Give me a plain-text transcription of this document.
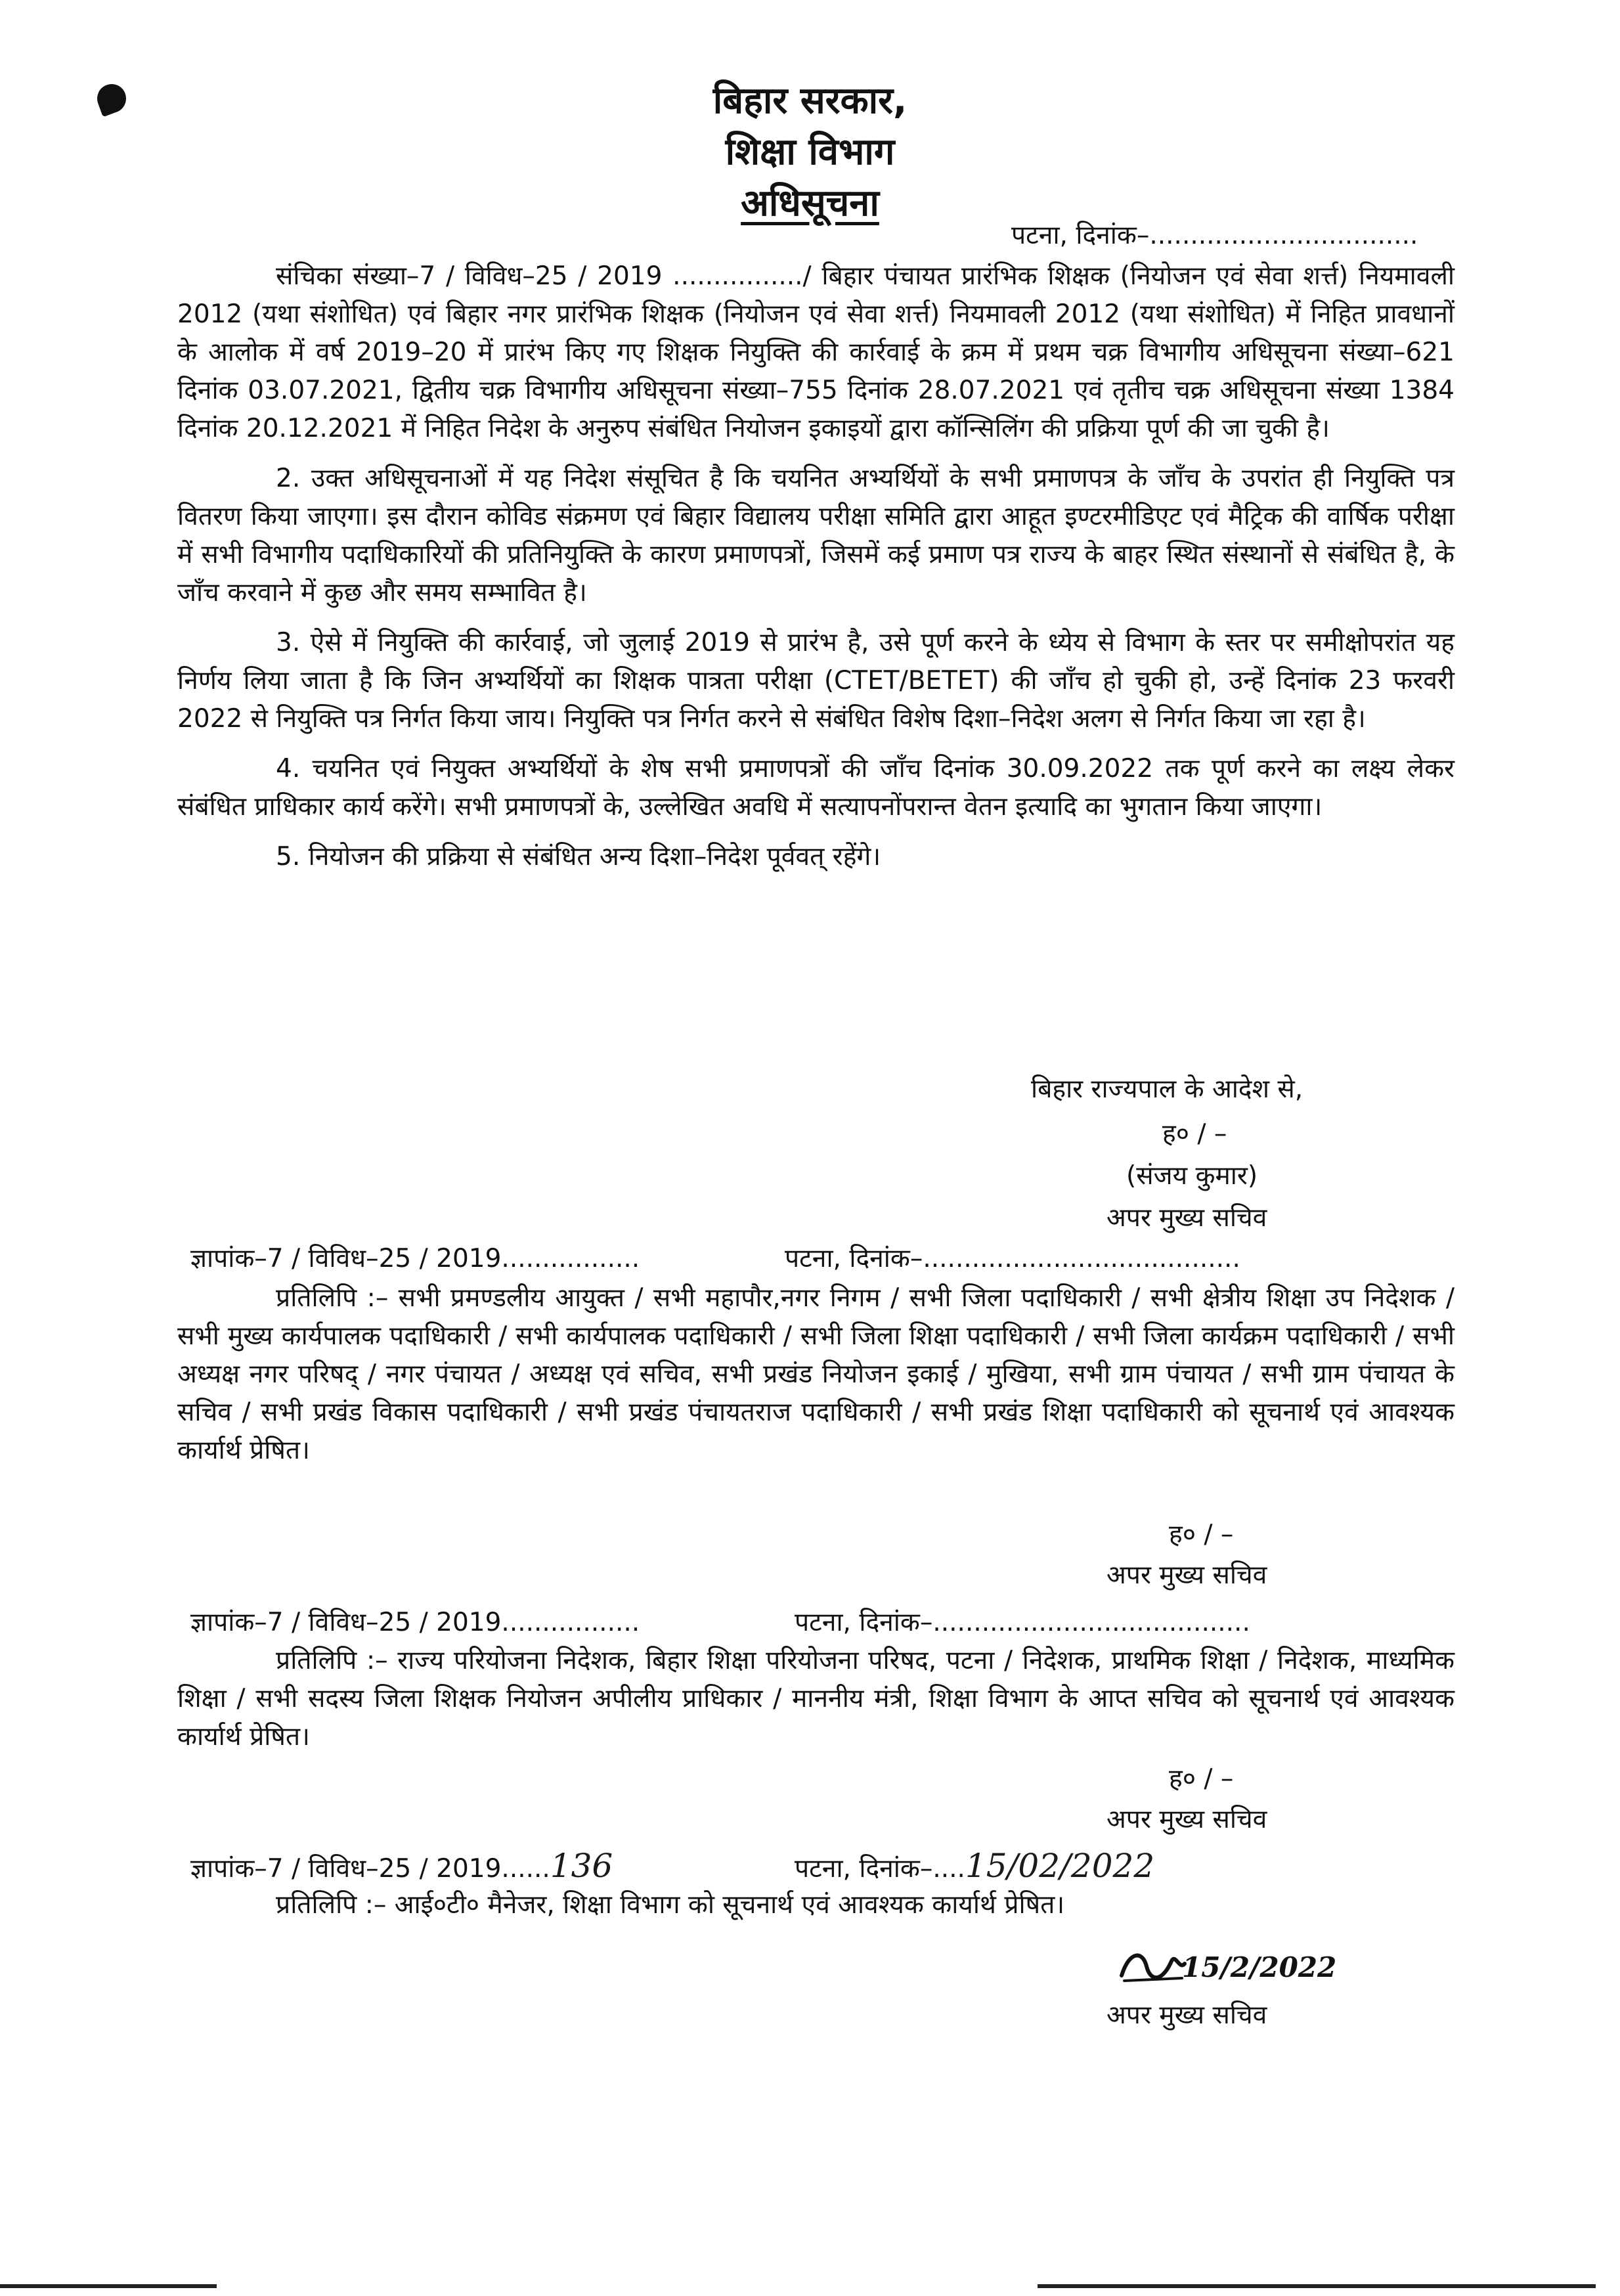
बिहार सरकार,
शिक्षा विभाग
अधिसूचना
पटना, दिनांक–.................................

संचिका संख्या–7 / विविध–25 / 2019 ................/ बिहार पंचायत प्रारंभिक शिक्षक (नियोजन एवं सेवा शर्त्त) नियमावली 2012 (यथा संशोधित) एवं बिहार नगर प्रारंभिक शिक्षक (नियोजन एवं सेवा शर्त्त) नियमावली 2012 (यथा संशोधित) में निहित प्रावधानों के आलोक में वर्ष 2019–20 में प्रारंभ किए गए शिक्षक नियुक्ति की कार्रवाई के क्रम में प्रथम चक्र विभागीय अधिसूचना संख्या–621 दिनांक 03.07.2021, द्वितीय चक्र विभागीय अधिसूचना संख्या–755 दिनांक 28.07.2021 एवं तृतीच चक्र अधिसूचना संख्या 1384 दिनांक 20.12.2021 में निहित निदेश के अनुरुप संबंधित नियोजन इकाइयों द्वारा कॉन्सिलिंग की प्रक्रिया पूर्ण की जा चुकी है।

2. उक्त अधिसूचनाओं में यह निदेश संसूचित है कि चयनित अभ्यर्थियों के सभी प्रमाणपत्र के जाँच के उपरांत ही नियुक्ति पत्र वितरण किया जाएगा। इस दौरान कोविड संक्रमण एवं बिहार विद्यालय परीक्षा समिति द्वारा आहूत इण्टरमीडिएट एवं मैट्रिक की वार्षिक परीक्षा में सभी विभागीय पदाधिकारियों की प्रतिनियुक्ति के कारण प्रमाणपत्रों, जिसमें कई प्रमाण पत्र राज्य के बाहर स्थित संस्थानों से संबंधित है, के जाँच करवाने में कुछ और समय सम्भावित है।

3. ऐसे में नियुक्ति की कार्रवाई, जो जुलाई 2019 से प्रारंभ है, उसे पूर्ण करने के ध्येय से विभाग के स्तर पर समीक्षोपरांत यह निर्णय लिया जाता है कि जिन अभ्यर्थियों का शिक्षक पात्रता परीक्षा (CTET/BETET) की जाँच हो चुकी हो, उन्हें दिनांक 23 फरवरी 2022 से नियुक्ति पत्र निर्गत किया जाय। नियुक्ति पत्र निर्गत करने से संबंधित विशेष दिशा–निदेश अलग से निर्गत किया जा रहा है।

4. चयनित एवं नियुक्त अभ्यर्थियों के शेष सभी प्रमाणपत्रों की जाँच दिनांक 30.09.2022 तक पूर्ण करने का लक्ष्य लेकर संबंधित प्राधिकार कार्य करेंगे। सभी प्रमाणपत्रों के, उल्लेखित अवधि में सत्यापनोंपरान्त वेतन इत्यादि का भुगतान किया जाएगा।

5. नियोजन की प्रक्रिया से संबंधित अन्य दिशा–निदेश पूर्ववत् रहेंगे।

बिहार राज्यपाल के आदेश से,
ह० / –
(संजय कुमार)
अपर मुख्य सचिव
ज्ञापांक–7 / विविध–25 / 2019.................	पटना, दिनांक–.......................................

प्रतिलिपि :– सभी प्रमण्डलीय आयुक्त / सभी महापौर,नगर निगम / सभी जिला पदाधिकारी / सभी क्षेत्रीय शिक्षा उप निदेशक / सभी मुख्य कार्यपालक पदाधिकारी / सभी कार्यपालक पदाधिकारी / सभी जिला शिक्षा पदाधिकारी / सभी जिला कार्यक्रम पदाधिकारी / सभी अध्यक्ष नगर परिषद् / नगर पंचायत / अध्यक्ष एवं सचिव, सभी प्रखंड नियोजन इकाई / मुखिया, सभी ग्राम पंचायत / सभी ग्राम पंचायत के सचिव / सभी प्रखंड विकास पदाधिकारी / सभी प्रखंड पंचायतराज पदाधिकारी / सभी प्रखंड शिक्षा पदाधिकारी को सूचनार्थ एवं आवश्यक कार्यार्थ प्रेषित।

ह० / –
अपर मुख्य सचिव
ज्ञापांक–7 / विविध–25 / 2019.................	पटना, दिनांक–.......................................

प्रतिलिपि :– राज्य परियोजना निदेशक, बिहार शिक्षा परियोजना परिषद, पटना / निदेशक, प्राथमिक शिक्षा / निदेशक, माध्यमिक शिक्षा / सभी सदस्य जिला शिक्षक नियोजन अपीलीय प्राधिकार / माननीय मंत्री, शिक्षा विभाग के आप्त सचिव को सूचनार्थ एवं आवश्यक कार्यार्थ प्रेषित।

ह० / –
अपर मुख्य सचिव
ज्ञापांक–7 / विविध–25 / 2019......136	पटना, दिनांक–....15/02/2022

प्रतिलिपि :– आई०टी० मैनेजर, शिक्षा विभाग को सूचनार्थ एवं आवश्यक कार्यार्थ प्रेषित।

15/2/2022
अपर मुख्य सचिव
